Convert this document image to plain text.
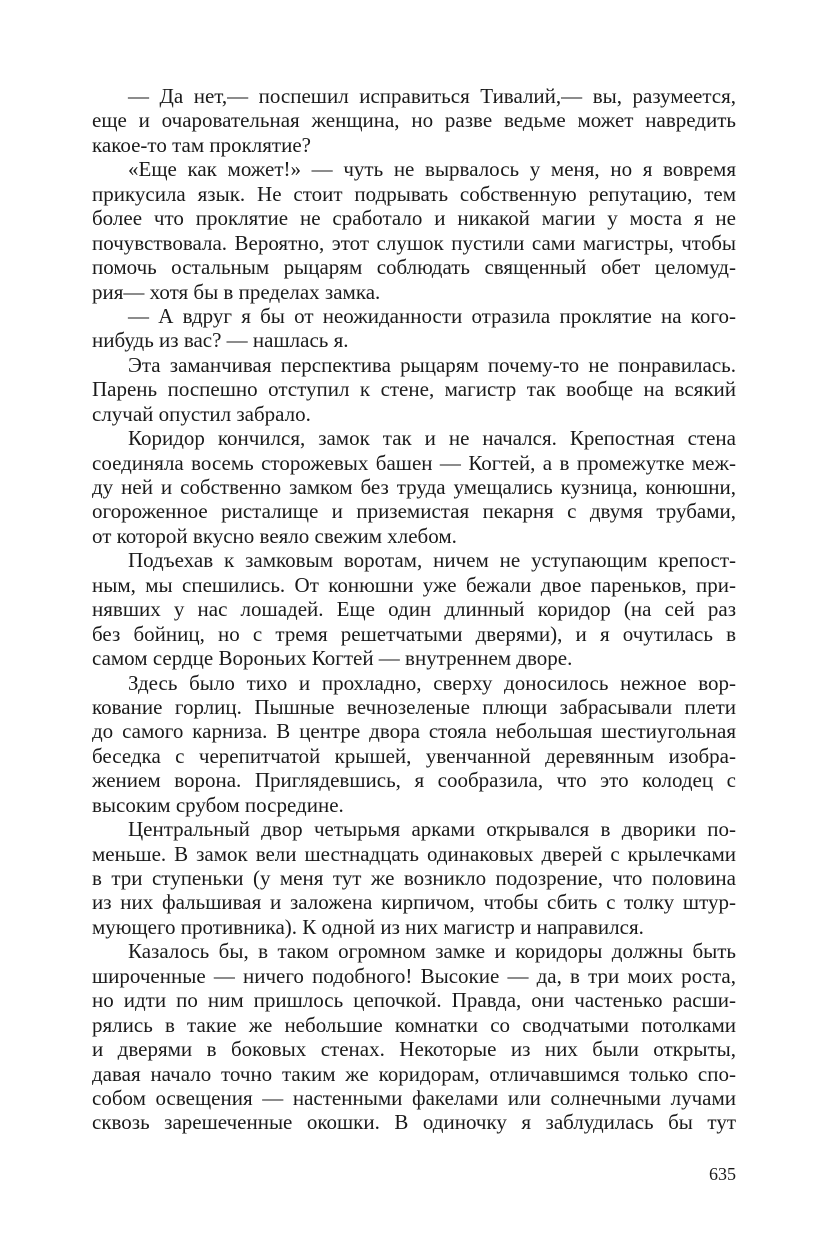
— Да нет,— поспешил исправиться Тивалий,— вы, разумеется,
еще и очаровательная женщина, но разве ведьме может навредить
какое-то там проклятие?
«Еще как может!» — чуть не вырвалось у меня, но я вовремя
прикусила язык. Не стоит подрывать собственную репутацию, тем
более что проклятие не сработало и никакой магии у моста я не
почувствовала. Вероятно, этот слушок пустили сами магистры, чтобы
помочь остальным рыцарям соблюдать священный обет целомуд-
рия— хотя бы в пределах замка.
— А вдруг я бы от неожиданности отразила проклятие на кого-
нибудь из вас? — нашлась я.
Эта заманчивая перспектива рыцарям почему-то не понравилась.
Парень поспешно отступил к стене, магистр так вообще на всякий
случай опустил забрало.
Коридор кончился, замок так и не начался. Крепостная стена
соединяла восемь сторожевых башен — Когтей, а в промежутке меж-
ду ней и собственно замком без труда умещались кузница, конюшни,
огороженное ристалище и приземистая пекарня с двумя трубами,
от которой вкусно веяло свежим хлебом.
Подъехав к замковым воротам, ничем не уступающим крепост-
ным, мы спешились. От конюшни уже бежали двое пареньков, при-
нявших у нас лошадей. Еще один длинный коридор (на сей раз
без бойниц, но с тремя решетчатыми дверями), и я очутилась в
самом сердце Вороньих Когтей — внутреннем дворе.
Здесь было тихо и прохладно, сверху доносилось нежное вор-
кование горлиц. Пышные вечнозеленые плющи забрасывали плети
до самого карниза. В центре двора стояла небольшая шестиугольная
беседка с черепитчатой крышей, увенчанной деревянным изобра-
жением ворона. Приглядевшись, я сообразила, что это колодец с
высоким срубом посредине.
Центральный двор четырьмя арками открывался в дворики по-
меньше. В замок вели шестнадцать одинаковых дверей с крылечками
в три ступеньки (у меня тут же возникло подозрение, что половина
из них фальшивая и заложена кирпичом, чтобы сбить с толку штур-
мующего противника). К одной из них магистр и направился.
Казалось бы, в таком огромном замке и коридоры должны быть
широченные — ничего подобного! Высокие — да, в три моих роста,
но идти по ним пришлось цепочкой. Правда, они частенько расши-
рялись в такие же небольшие комнатки со сводчатыми потолками
и дверями в боковых стенах. Некоторые из них были открыты,
давая начало точно таким же коридорам, отличавшимся только спо-
собом освещения — настенными факелами или солнечными лучами
сквозь зарешеченные окошки. В одиночку я заблудилась бы тут
635
